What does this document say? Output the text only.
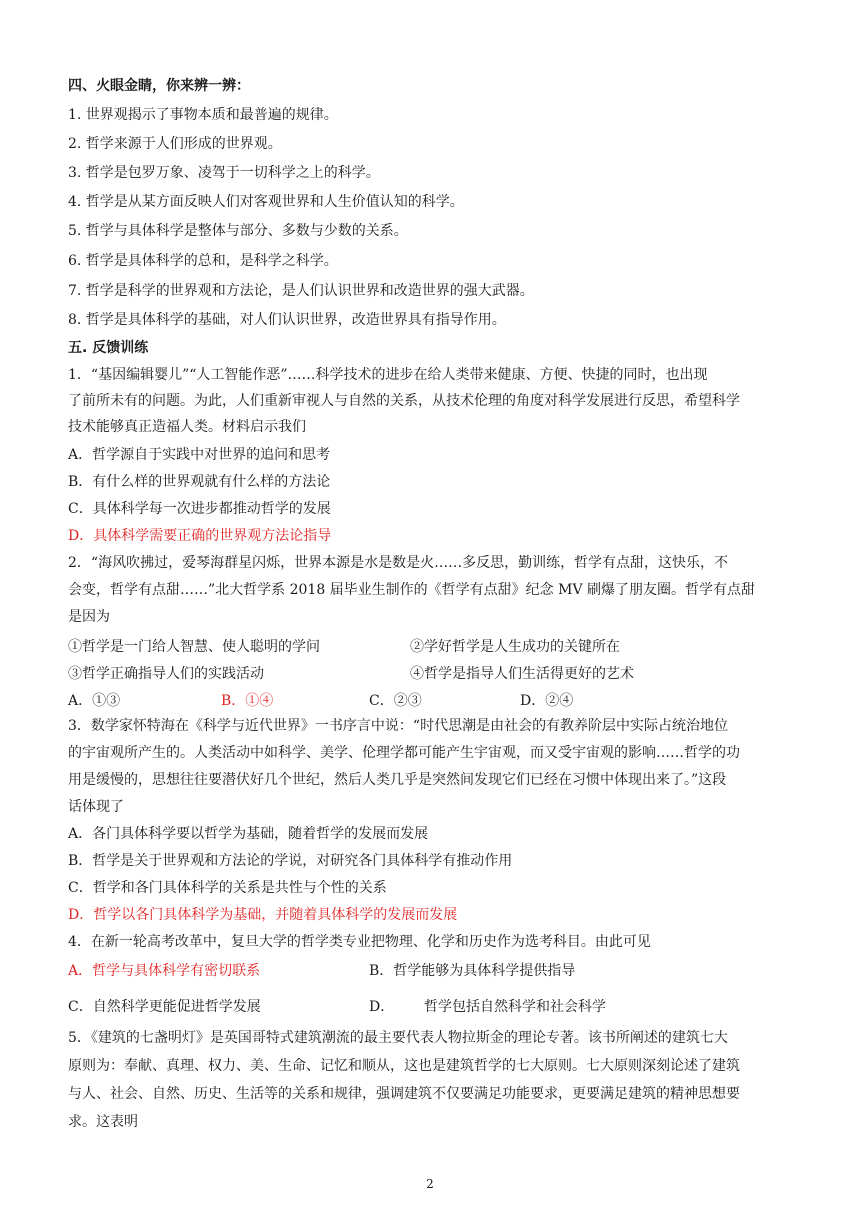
四、火眼金睛，你来辨一辨：
1. 世界观揭示了事物本质和最普遍的规律。
2. 哲学来源于人们形成的世界观。
3. 哲学是包罗万象、凌驾于一切科学之上的科学。
4. 哲学是从某方面反映人们对客观世界和人生价值认知的科学。
5. 哲学与具体科学是整体与部分、多数与少数的关系。
6. 哲学是具体科学的总和，是科学之科学。
7. 哲学是科学的世界观和方法论，是人们认识世界和改造世界的强大武器。
8. 哲学是具体科学的基础，对人们认识世界，改造世界具有指导作用。
五. 反馈训练
1．“基因编辑婴儿”“人工智能作恶”……科学技术的进步在给人类带来健康、方便、快捷的同时，也出现
了前所未有的问题。为此，人们重新审视人与自然的关系，从技术伦理的角度对科学发展进行反思，希望科学
技术能够真正造福人类。材料启示我们
A．哲学源自于实践中对世界的追问和思考
B．有什么样的世界观就有什么样的方法论
C．具体科学每一次进步都推动哲学的发展
D．具体科学需要正确的世界观方法论指导
2．“海风吹拂过，爱琴海群星闪烁，世界本源是水是数是火……多反思，勤训练，哲学有点甜，这快乐，不
会变，哲学有点甜……”北大哲学系 2018 届毕业生制作的《哲学有点甜》纪念 MV 刷爆了朋友圈。哲学有点甜
是因为
①哲学是一门给人智慧、使人聪明的学问	②学好哲学是人生成功的关键所在
③哲学正确指导人们的实践活动	④哲学是指导人们生活得更好的艺术
A．①③	B．①④	C．②③	D．②④
3．数学家怀特海在《科学与近代世界》一书序言中说：“时代思潮是由社会的有教养阶层中实际占统治地位
的宇宙观所产生的。人类活动中如科学、美学、伦理学都可能产生宇宙观，而又受宇宙观的影响……哲学的功
用是缓慢的，思想往往要潜伏好几个世纪，然后人类几乎是突然间发现它们已经在习惯中体现出来了。”这段
话体现了
A．各门具体科学要以哲学为基础，随着哲学的发展而发展
B．哲学是关于世界观和方法论的学说，对研究各门具体科学有推动作用
C．哲学和各门具体科学的关系是共性与个性的关系
D．哲学以各门具体科学为基础，并随着具体科学的发展而发展
4．在新一轮高考改革中，复旦大学的哲学类专业把物理、化学和历史作为选考科目。由此可见
A．哲学与具体科学有密切联系	B．哲学能够为具体科学提供指导
C．自然科学更能促进哲学发展	D． 哲学包括自然科学和社会科学
5．《建筑的七盏明灯》是英国哥特式建筑潮流的最主要代表人物拉斯金的理论专著。该书所阐述的建筑七大
原则为：奉献、真理、权力、美、生命、记忆和顺从，这也是建筑哲学的七大原则。七大原则深刻论述了建筑
与人、社会、自然、历史、生活等的关系和规律，强调建筑不仅要满足功能要求，更要满足建筑的精神思想要
求。这表明
2
